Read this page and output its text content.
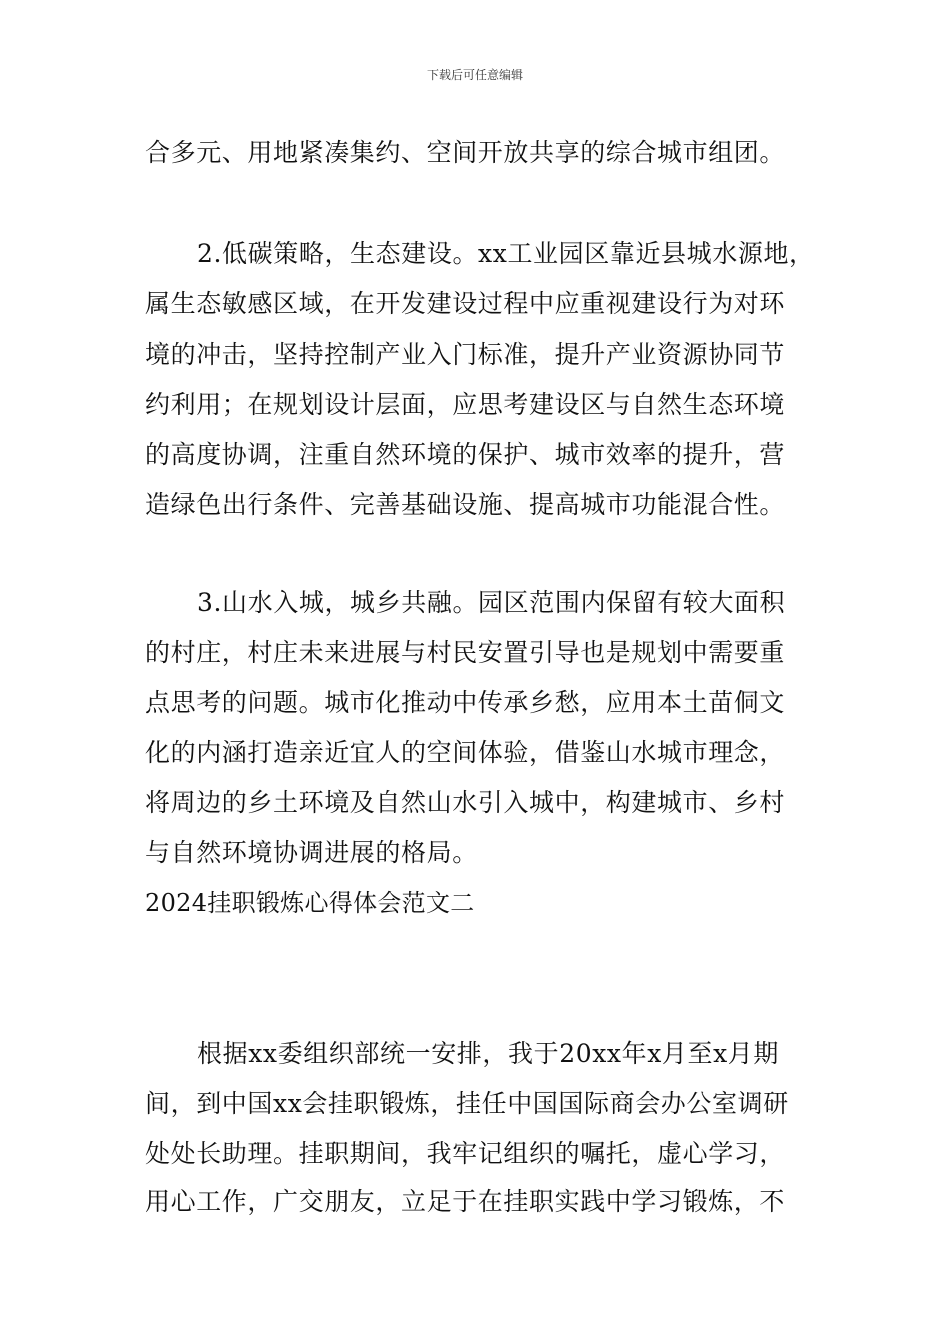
下载后可任意编辑
合多元、用地紧凑集约、空间开放共享的综合城市组团。
2.低碳策略，生态建设。xx工业园区靠近县城水源地，
属生态敏感区域，在开发建设过程中应重视建设行为对环
境的冲击，坚持控制产业入门标准，提升产业资源协同节
约利用；在规划设计层面，应思考建设区与自然生态环境
的高度协调，注重自然环境的保护、城市效率的提升，营
造绿色出行条件、完善基础设施、提高城市功能混合性。
3.山水入城，城乡共融。园区范围内保留有较大面积
的村庄，村庄未来进展与村民安置引导也是规划中需要重
点思考的问题。城市化推动中传承乡愁，应用本土苗侗文
化的内涵打造亲近宜人的空间体验，借鉴山水城市理念，
将周边的乡土环境及自然山水引入城中，构建城市、乡村
与自然环境协调进展的格局。
2024挂职锻炼心得体会范文二
根据xx委组织部统一安排，我于20xx年x月至x月期
间，到中国xx会挂职锻炼，挂任中国国际商会办公室调研
处处长助理。挂职期间，我牢记组织的嘱托，虚心学习，
用心工作，广交朋友，立足于在挂职实践中学习锻炼，不
